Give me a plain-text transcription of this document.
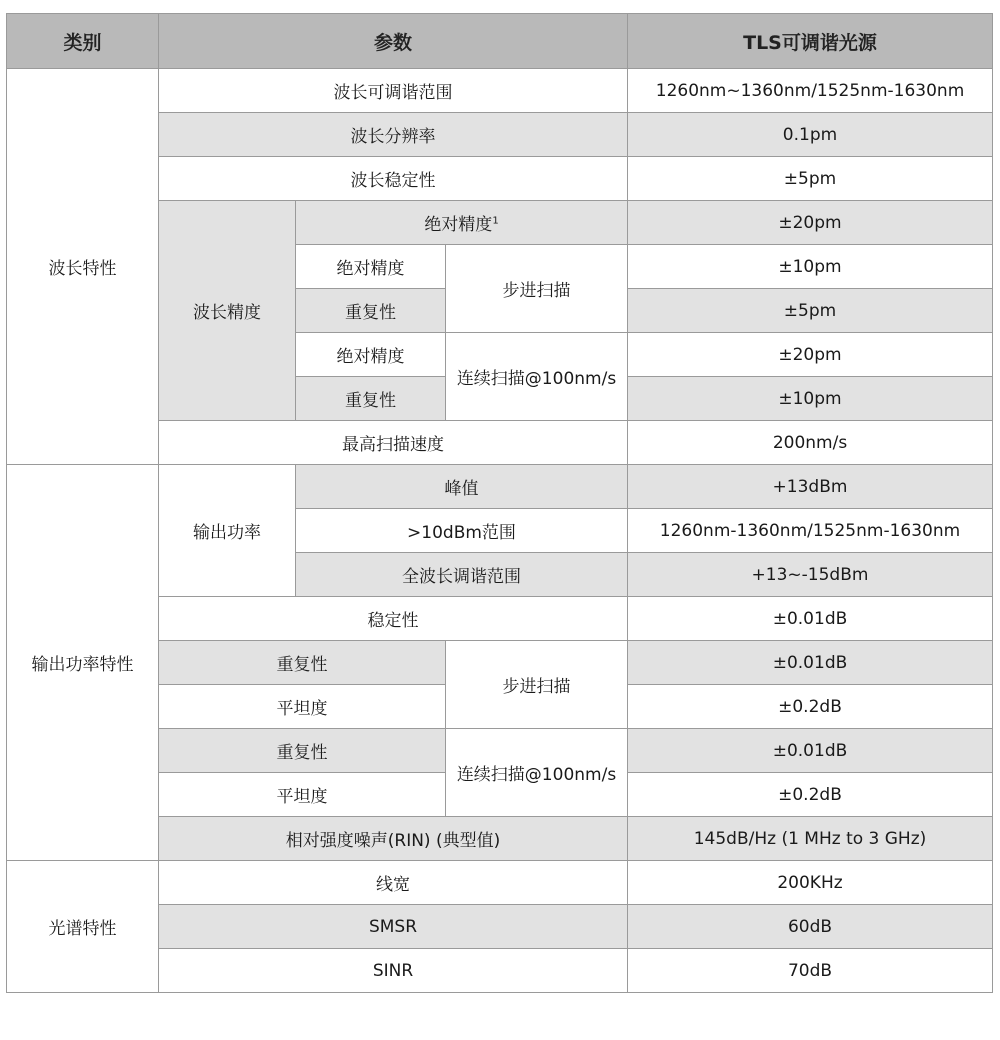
类别	参数			TLS可调谐光源
波长特性	波长可调谐范围			1260nm~1360nm/1525nm-1630nm
	波长分辨率			0.1pm
	波长稳定性			±5pm
	波长精度	绝对精度$^1$		±20pm
		绝对精度	步进扫描	±10pm
		重复性		±5pm
		绝对精度	连续扫描@100nm/s	±20pm
		重复性		±10pm
	最高扫描速度			200nm/s
输出功率特性	输出功率	峰值		+13dBm
		>10dBm范围		1260nm-1360nm/1525nm-1630nm
		全波长调谐范围		+13~-15dBm
	稳定性			±0.01dB
	重复性		步进扫描	±0.01dB
	平坦度			±0.2dB
	重复性		连续扫描@100nm/s	±0.01dB
	平坦度			±0.2dB
	相对强度噪声(RIN) (典型值)			145dB/Hz (1 MHz to 3 GHz)
光谱特性	线宽			200KHz
	SMSR			60dB
	SINR			70dB
